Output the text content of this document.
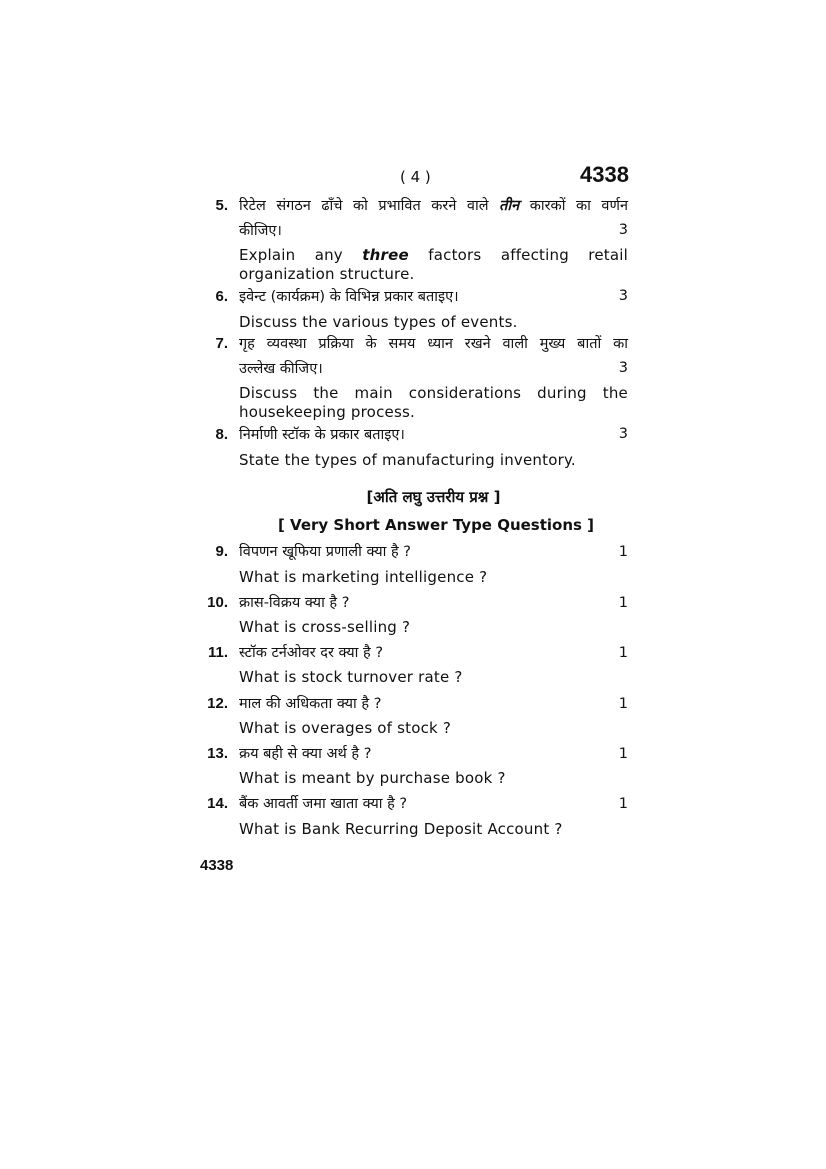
( 4 )	4338
5. रिटेल संगठन ढाँचे को प्रभावित करने वाले तीन कारकों का वर्णन
कीजिए।	3
Explain any three factors affecting retail
organization structure.
6. इवेन्ट (कार्यक्रम) के विभिन्न प्रकार बताइए।	3
Discuss the various types of events.
7. गृह व्यवस्था प्रक्रिया के समय ध्यान रखने वाली मुख्य बातों का
उल्लेख कीजिए।	3
Discuss the main considerations during the
housekeeping process.
8. निर्माणी स्टॉक के प्रकार बताइए।	3
State the types of manufacturing inventory.
[अति लघु उत्तरीय प्रश्न ]
[ Very Short Answer Type Questions ]
9. विपणन खूफिया प्रणाली क्या है ?	1
What is marketing intelligence ?
10. क्रास-विक्रय क्या है ?	1
What is cross-selling ?
11. स्टॉक टर्नओवर दर क्या है ?	1
What is stock turnover rate ?
12. माल की अधिकता क्या है ?	1
What is overages of stock ?
13. क्रय बही से क्या अर्थ है ?	1
What is meant by purchase book ?
14. बैंक आवर्ती जमा खाता क्या है ?	1
What is Bank Recurring Deposit Account ?
4338
